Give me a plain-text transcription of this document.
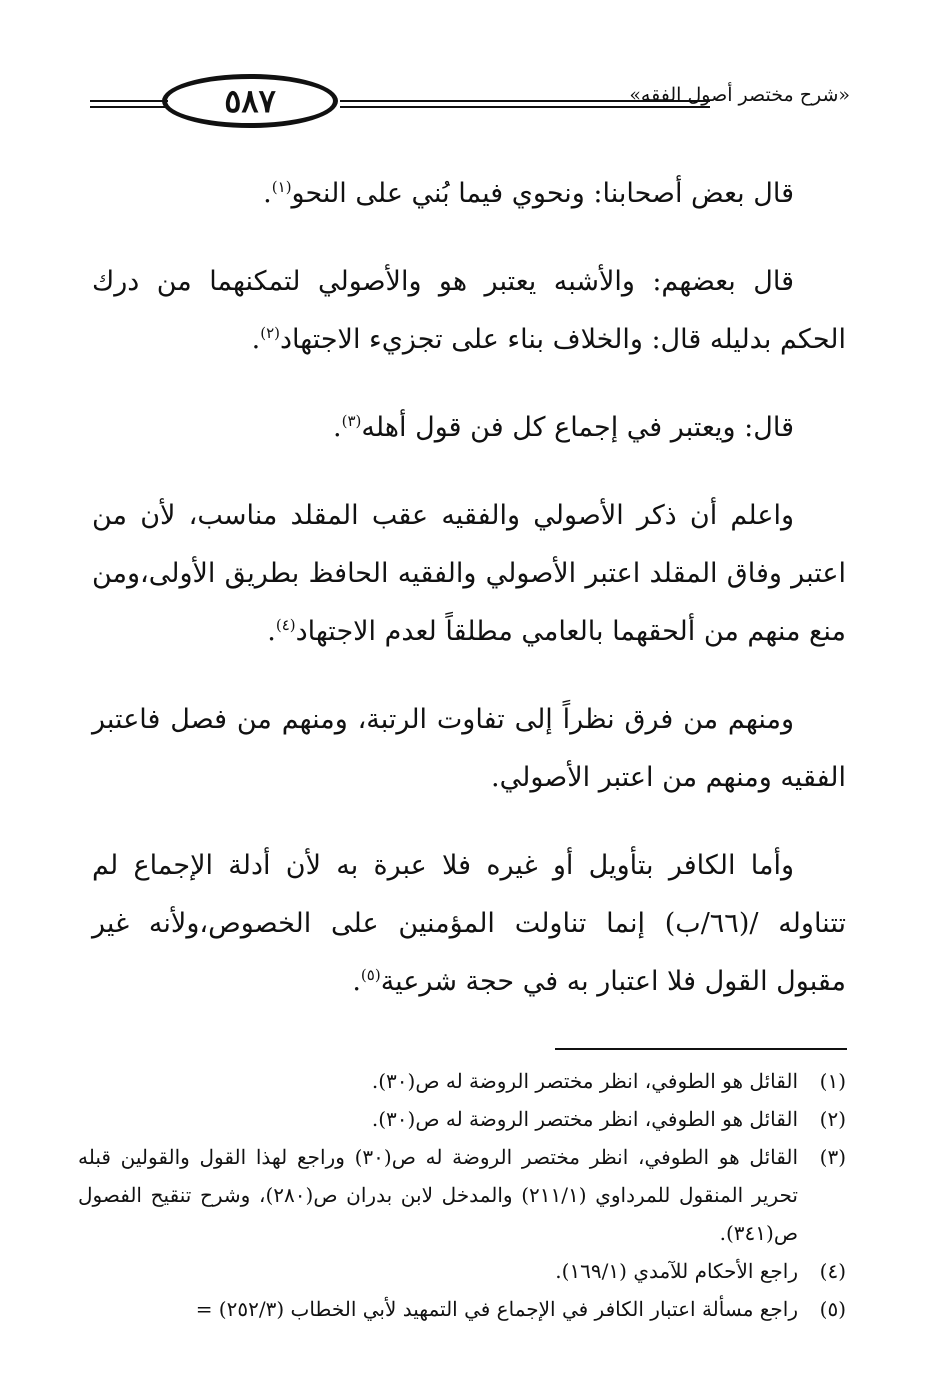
٥٨٧	«شرح مختصر أصول الفقه»

قال بعض أصحابنا: ونحوي فيما بُني على النحو$^{(١)}$.

قال بعضهم: والأشبه يعتبر هو والأصولي لتمكنهما من درك الحكم بدليله قال: والخلاف بناء على تجزيء الاجتهاد$^{(٢)}$.

قال: ويعتبر في إجماع كل فن قول أهله$^{(٣)}$.

واعلم أن ذكر الأصولي والفقيه عقب المقلد مناسب، لأن من اعتبر وفاق المقلد اعتبر الأصولي والفقيه الحافظ بطريق الأولى،ومن منع منهم من ألحقهما بالعامي مطلقاً لعدم الاجتهاد$^{(٤)}$.

ومنهم من فرق نظراً إلى تفاوت الرتبة، ومنهم من فصل فاعتبر الفقيه ومنهم من اعتبر الأصولي.

وأما الكافر بتأويل أو غيره فلا عبرة به لأن أدلة الإجماع لم تتناوله /(٦٦/ب) إنما تناولت المؤمنين على الخصوص،ولأنه غير مقبول القول فلا اعتبار به في حجة شرعية$^{(٥)}$.

(١)القائل هو الطوفي، انظر مختصر الروضة له ص(٣٠).

(٢)القائل هو الطوفي، انظر مختصر الروضة له ص(٣٠).

(٣)القائل هو الطوفي، انظر مختصر الروضة له ص(٣٠) وراجع لهذا القول والقولين قبله تحرير المنقول للمرداوي (٢١١/١) والمدخل لابن بدران ص(٢٨٠)، وشرح تنقيح الفصول ص(٣٤١).

(٤)راجع الأحكام للآمدي (١٦٩/١).

(٥)راجع مسألة اعتبار الكافر في الإجماع في التمهيد لأبي الخطاب (٢٥٢/٣) =
